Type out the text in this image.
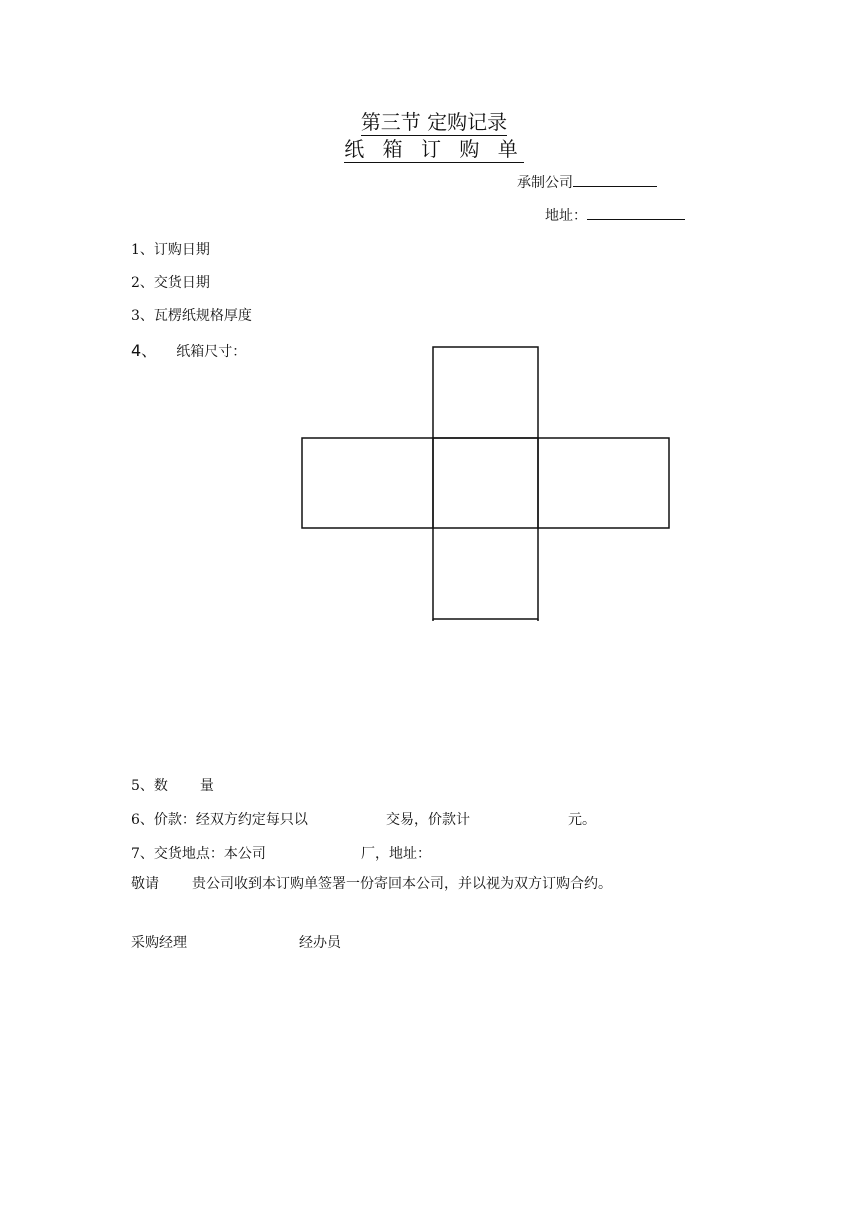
第三节 定购记录
纸 箱 订 购 单
承制公司
地址：
1、订购日期
2、交货日期
3、瓦楞纸规格厚度
4、 纸箱尺寸：
5、数 量
6、价款：经双方约定每只以	交易，价款计	元。
7、交货地点：本公司	厂，地址：
敬请 贵公司收到本订购单签署一份寄回本公司，并以视为双方订购合约。
采购经理	经办员
